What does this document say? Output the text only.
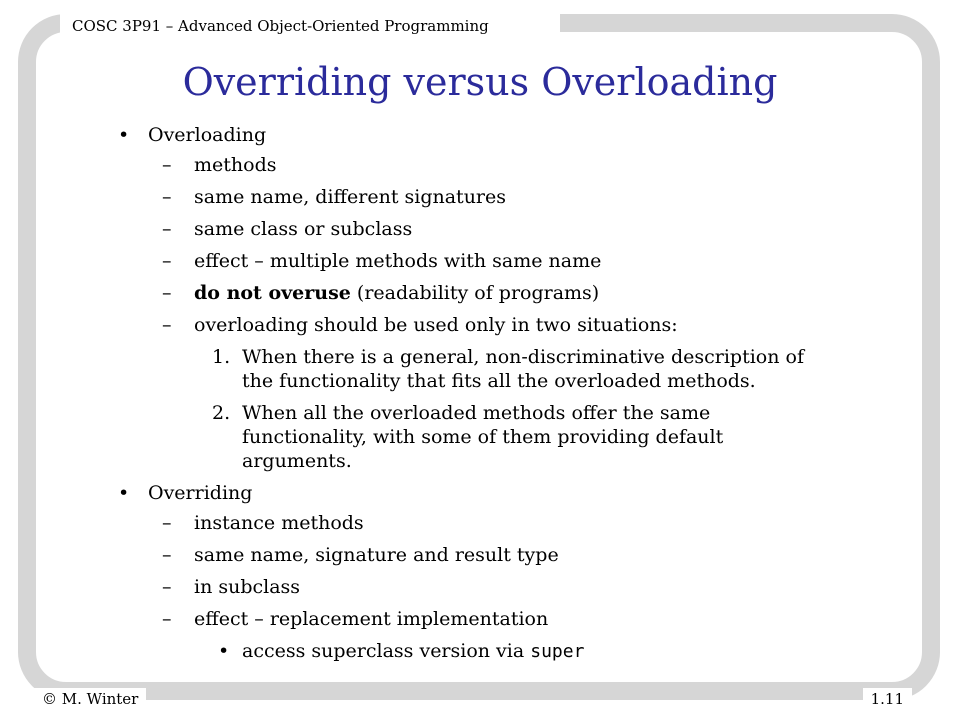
COSC 3P91 – Advanced Object-Oriented Programming
Overriding versus Overloading
• Overloading
– methods
– same name, different signatures
– same class or subclass
– effect – multiple methods with same name
– do not overuse (readability of programs)
– overloading should be used only in two situations:
1. When there is a general, non-discriminative description of the functionality that fits all the overloaded methods.
2. When all the overloaded methods offer the same functionality, with some of them providing default arguments.
• Overriding
– instance methods
– same name, signature and result type
– in subclass
– effect – replacement implementation
• access superclass version via super
© M. Winter	1.11
